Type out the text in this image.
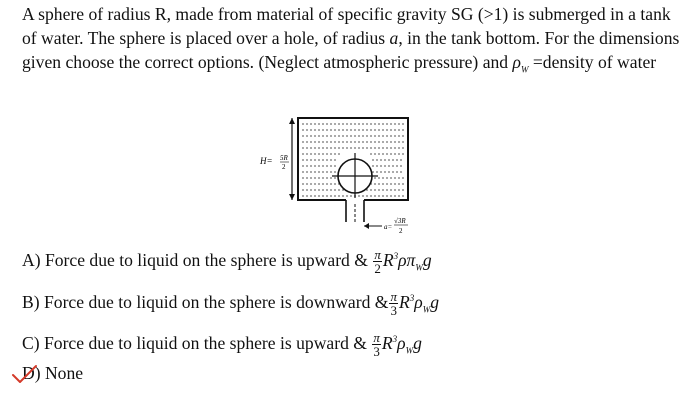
A sphere of radius R, made from material of specific gravity SG (>1) is submerged in a tank of water. The sphere is placed over a hole, of radius a, in the tank bottom. For the dimensions given choose the correct options. (Neglect atmospheric pressure) and $\rho_W$ =density of water

H= 5R
2
a=
√3R
2
A) Force due to liquid on the sphere is upward & $\frac{\pi}{2} R^3\rho\pi_Wg$
B) Force due to liquid on the sphere is downward & $\frac{\pi}{3} R^3\rho_Wg$
C) Force due to liquid on the sphere is upward & $\frac{\pi}{3} R^3\rho_Wg$
D) None
